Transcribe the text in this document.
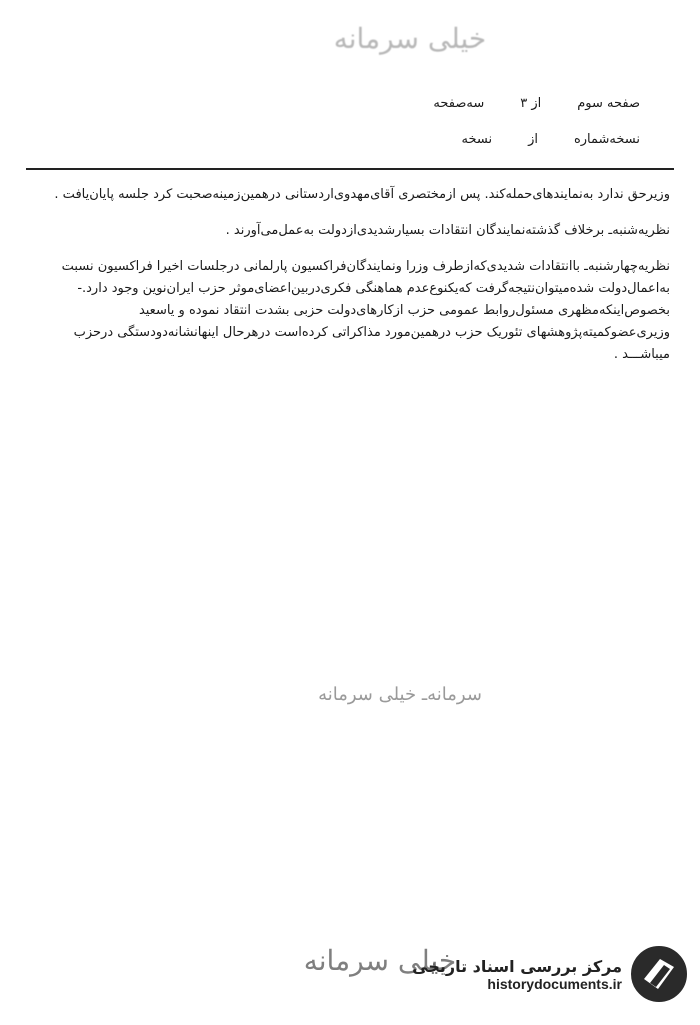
خیلی سرمانه
صفحه سوم
از ۳
سه‌صفحه
نسخه‌شماره
از
نسخه

وزیرحق ندارد به‌نمایندها‌ی‌حمله‌کند. پس ازمختصری آقای‌مهدوی‌اردستانی درهمین‌زمینه‌صحبت کرد جلسه پایان‌یافت .

نظریه‌شنبه‌ـ برخلاف گذشته‌نمایندگان انتقادات بسیارشدیدی‌ازدولت به‌عمل‌می‌آورند .

نظریه‌چهارشنبه‌ـ باانتقادات شدیدی‌که‌ازطرف وزرا ونمایندگان‌فراکسیون پارلمانی درجلسات اخیرا فراکسیون نسبت به‌اعمال‌دولت شده‌میتوان‌نتیجه‌گرفت که‌یکنوع‌عدم هماهنگی فکری‌دربین‌اعضای‌موثر حزب ایران‌نوین وجود دارد.- بخصوص‌اینکه‌مظهری مسئول‌روابط عمومی حزب ازکارهای‌دولت حزبی بشدت انتقاد نموده و یاسعید وزیری‌عضوکمیته‌پژوهشهای تئوریک حزب درهمین‌مورد مذاکراتی کرده‌است درهرحال اینهانشانه‌دودستگی درحزب میباشـــد .

سرمانه‌ـ خیلی سرمانه
خیلی سرمانه
مرکز بررسی اسناد تاریخی
historydocuments.ir
